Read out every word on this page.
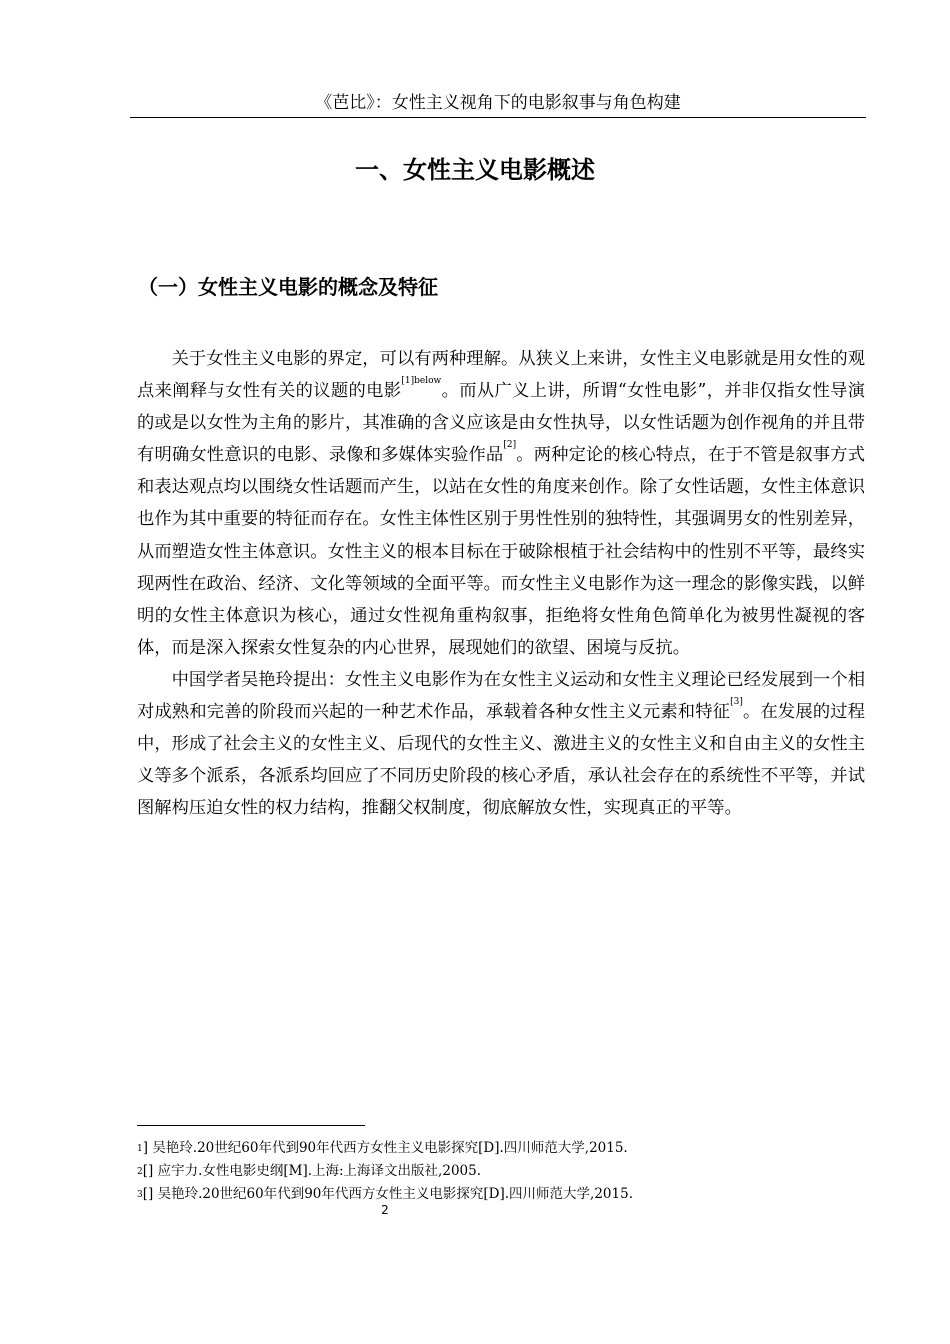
《芭比》：女性主义视角下的电影叙事与角色构建
一、女性主义电影概述
（一）女性主义电影的概念及特征

关于女性主义电影的界定，可以有两种理解。从狭义上来讲，女性主义电影就是用女性的观点来阐释与女性有关的议题的电影$^{[1]below}$。而从广义上讲，所谓“女性电影”，并非仅指女性导演的或是以女性为主角的影片，其准确的含义应该是由女性执导，以女性话题为创作视角的并且带有明确女性意识的电影、录像和多媒体实验作品[2]。两种定论的核心特点，在于不管是叙事方式和表达观点均以围绕女性话题而产生，以站在女性的角度来创作。除了女性话题，女性主体意识也作为其中重要的特征而存在。女性主体性区别于男性性别的独特性，其强调男女的性别差异，从而塑造女性主体意识。女性主义的根本目标在于破除根植于社会结构中的性别不平等，最终实现两性在政治、经济、文化等领域的全面平等。而女性主义电影作为这一理念的影像实践，以鲜明的女性主体意识为核心，通过女性视角重构叙事，拒绝将女性角色简单化为被男性凝视的客体，而是深入探索女性复杂的内心世界，展现她们的欲望、困境与反抗。

中国学者吴艳玲提出：女性主义电影作为在女性主义运动和女性主义理论已经发展到一个相对成熟和完善的阶段而兴起的一种艺术作品，承载着各种女性主义元素和特征[3]。在发展的过程中，形成了社会主义的女性主义、后现代的女性主义、激进主义的女性主义和自由主义的女性主义等多个派系，各派系均回应了不同历史阶段的核心矛盾，承认社会存在的系统性不平等，并试图解构压迫女性的权力结构，推翻父权制度，彻底解放女性，实现真正的平等。

$^1$] 吴艳玲.20世纪60年代到90年代西方女性主义电影探究[D].四川师范大学,2015.
$^2$[] 应宇力.女性电影史纲[M].上海:上海译文出版社,2005.
$^3$[] 吴艳玲.20世纪60年代到90年代西方女性主义电影探究[D].四川师范大学,2015.
2
